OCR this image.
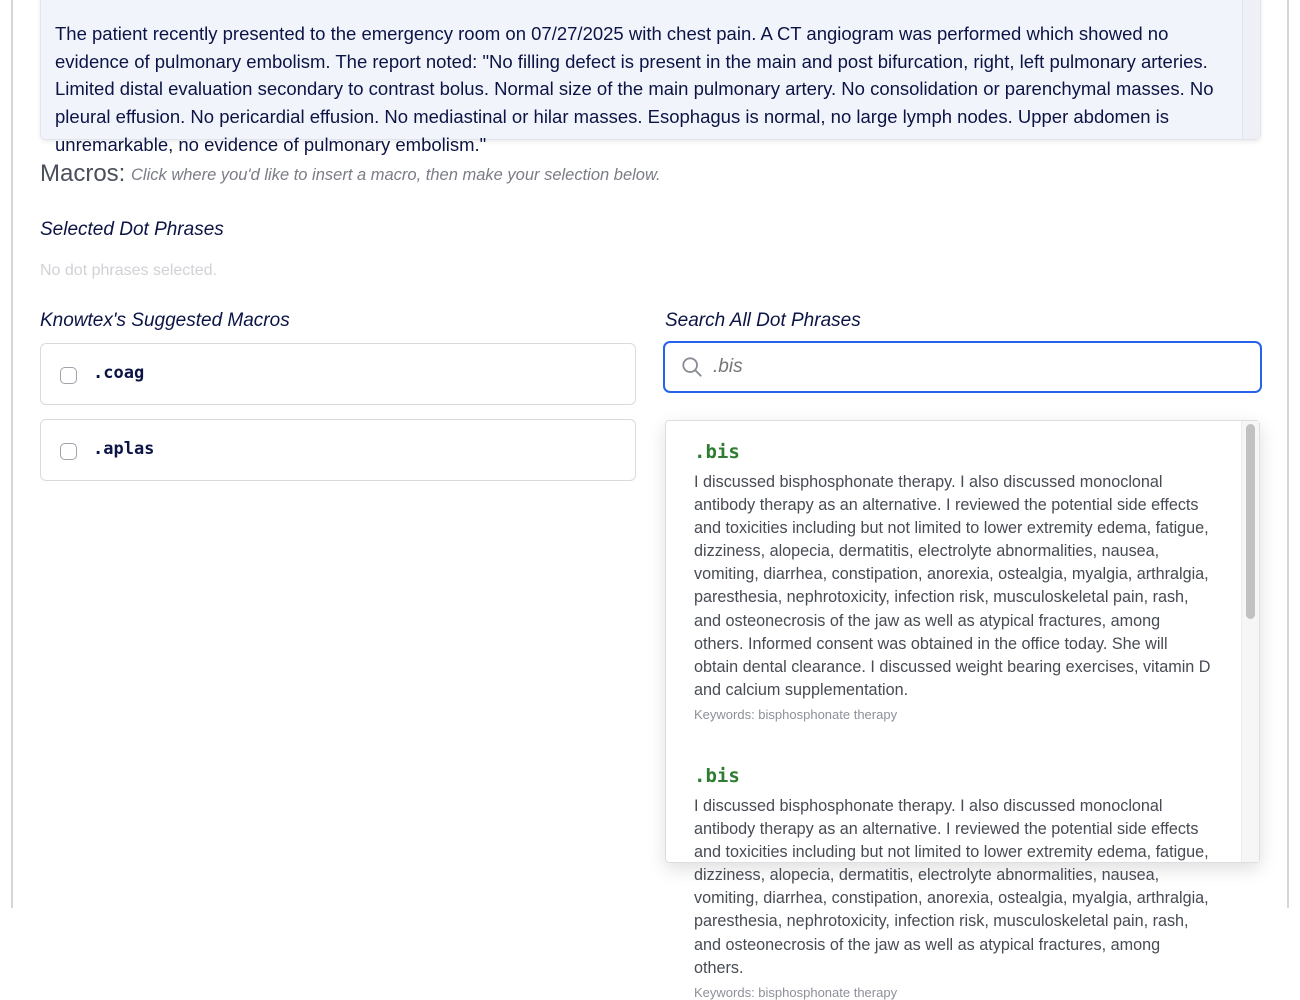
The patient recently presented to the emergency room on 07/27/2025 with chest pain. A CT angiogram was performed which showed no evidence of pulmonary embolism. The report noted: "No filling defect is present in the main and post bifurcation, right, left pulmonary arteries. Limited distal evaluation secondary to contrast bolus. Normal size of the main pulmonary artery. No consolidation or parenchymal masses. No pleural effusion. No pericardial effusion. No mediastinal or hilar masses. Esophagus is normal, no large lymph nodes. Upper abdomen is unremarkable, no evidence of pulmonary embolism."

Macros: Click where you'd like to insert a macro, then make your selection below.
Selected Dot Phrases
No dot phrases selected.
Knowtex's Suggested Macros
.coag
.aplas
Search All Dot Phrases
.bis

.bis

I discussed bisphosphonate therapy. I also discussed monoclonal antibody therapy as an alternative. I reviewed the potential side effects and toxicities including but not limited to lower extremity edema, fatigue, dizziness, alopecia, dermatitis, electrolyte abnormalities, nausea, vomiting, diarrhea, constipation, anorexia, ostealgia, myalgia, arthralgia, paresthesia, nephrotoxicity, infection risk, musculoskeletal pain, rash, and osteonecrosis of the jaw as well as atypical fractures, among others. Informed consent was obtained in the office today. She will obtain dental clearance. I discussed weight bearing exercises, vitamin D and calcium supplementation.

Keywords: bisphosphonate therapy

.bis

I discussed bisphosphonate therapy. I also discussed monoclonal antibody therapy as an alternative. I reviewed the potential side effects and toxicities including but not limited to lower extremity edema, fatigue, dizziness, alopecia, dermatitis, electrolyte abnormalities, nausea, vomiting, diarrhea, constipation, anorexia, ostealgia, myalgia, arthralgia, paresthesia, nephrotoxicity, infection risk, musculoskeletal pain, rash, and osteonecrosis of the jaw as well as atypical fractures, among others.

Keywords: bisphosphonate therapy
